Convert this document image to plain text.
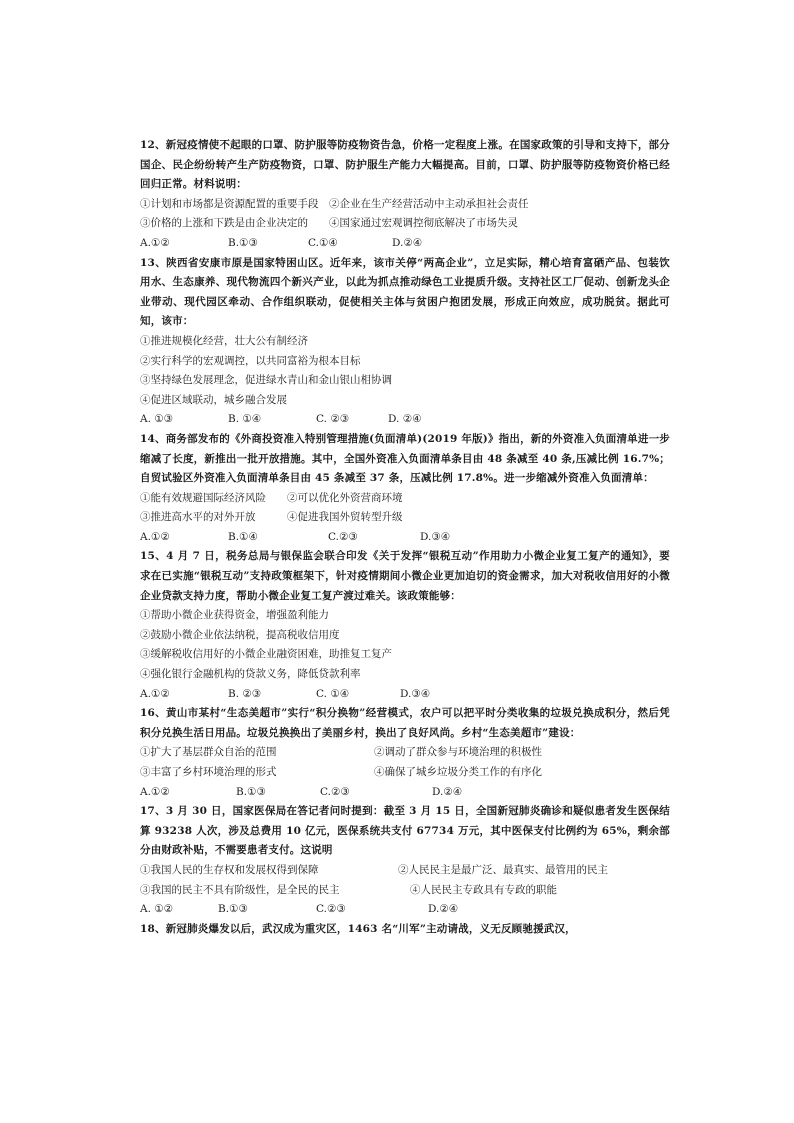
12、新冠疫情使不起眼的口罩、防护服等防疫物资告急，价格一定程度上涨。在国家政策的引导和支持下，部分国企、民企纷纷转产生产防疫物资，口罩、防护服生产能力大幅提高。目前，口罩、防护服等防疫物资价格已经回归正常。材料说明：
①计划和市场都是资源配置的重要手段　②企业在生产经营活动中主动承担社会责任
③价格的上涨和下跌是由企业决定的　　④国家通过宏观调控彻底解决了市场失灵
A.①②	B.①③	C.①④	D.②④
13、陕西省安康市原是国家特困山区。近年来，该市关停“两高企业”，立足实际，精心培育富硒产品、包装饮用水、生态康养、现代物流四个新兴产业，以此为抓点推动绿色工业提质升级。支持社区工厂促动、创新龙头企业带动、现代园区牵动、合作组织联动，促使相关主体与贫困户抱团发展，形成正向效应，成功脱贫。据此可知，该市：
①推进规模化经营，壮大公有制经济
②实行科学的宏观调控，以共同富裕为根本目标
③坚持绿色发展理念，促进绿水青山和金山银山相协调
④促进区域联动，城乡融合发展
A. ①③	B. ①④	C. ②③	D. ②④
14、商务部发布的《外商投资准入特别管理措施(负面清单)(2019 年版)》指出，新的外资准入负面清单进一步缩减了长度，新推出一批开放措施。其中，全国外资准入负面清单条目由 48 条减至 40 条,压减比例 16.7%；自贸试验区外资准入负面清单条目由 45 条减至 37 条，压减比例 17.8%。进一步缩减外资准入负面清单：
①能有效规避国际经济风险　　②可以优化外资营商环境
③推进高水平的对外开放　　　④促进我国外贸转型升级
A.①②	B.①④	C.②③	D.③④
15、4 月 7 日，税务总局与银保监会联合印发《关于发挥“银税互动”作用助力小微企业复工复产的通知》，要求在已实施“银税互动”支持政策框架下，针对疫情期间小微企业更加迫切的资金需求，加大对税收信用好的小微企业贷款支持力度，帮助小微企业复工复产渡过难关。该政策能够：
①帮助小微企业获得资金，增强盈利能力
②鼓励小微企业依法纳税，提高税收信用度
③缓解税收信用好的小微企业融资困难，助推复工复产
④强化银行金融机构的贷款义务，降低贷款利率
A.①②	B. ②③	C. ①④	D.③④
16、黄山市某村“生态美超市”实行“积分换物”经营模式，农户可以把平时分类收集的垃圾兑换成积分，然后凭积分兑换生活日用品。垃圾兑换换出了美丽乡村，换出了良好风尚。乡村“生态美超市”建设：
①扩大了基层群众自治的范围	②调动了群众参与环境治理的积极性
③丰富了乡村环境治理的形式	④确保了城乡垃圾分类工作的有序化
A.①②	B.①③	C.②③	D.②④
17、3 月 30 日，国家医保局在答记者问时提到：截至 3 月 15 日，全国新冠肺炎确诊和疑似患者发生医保结算 93238 人次，涉及总费用 10 亿元，医保系统共支付 67734 万元，其中医保支付比例约为 65%，剩余部分由财政补贴，不需要患者支付。这说明
①我国人民的生存权和发展权得到保障	②人民民主是最广泛、最真实、最管用的民主
③我国的民主不具有阶级性，是全民的民主	④人民民主专政具有专政的职能
A. ①②	B.①③	C.②③	D.②④
18、新冠肺炎爆发以后，武汉成为重灾区，1463 名“川军”主动请战，义无反顾驰援武汉，
